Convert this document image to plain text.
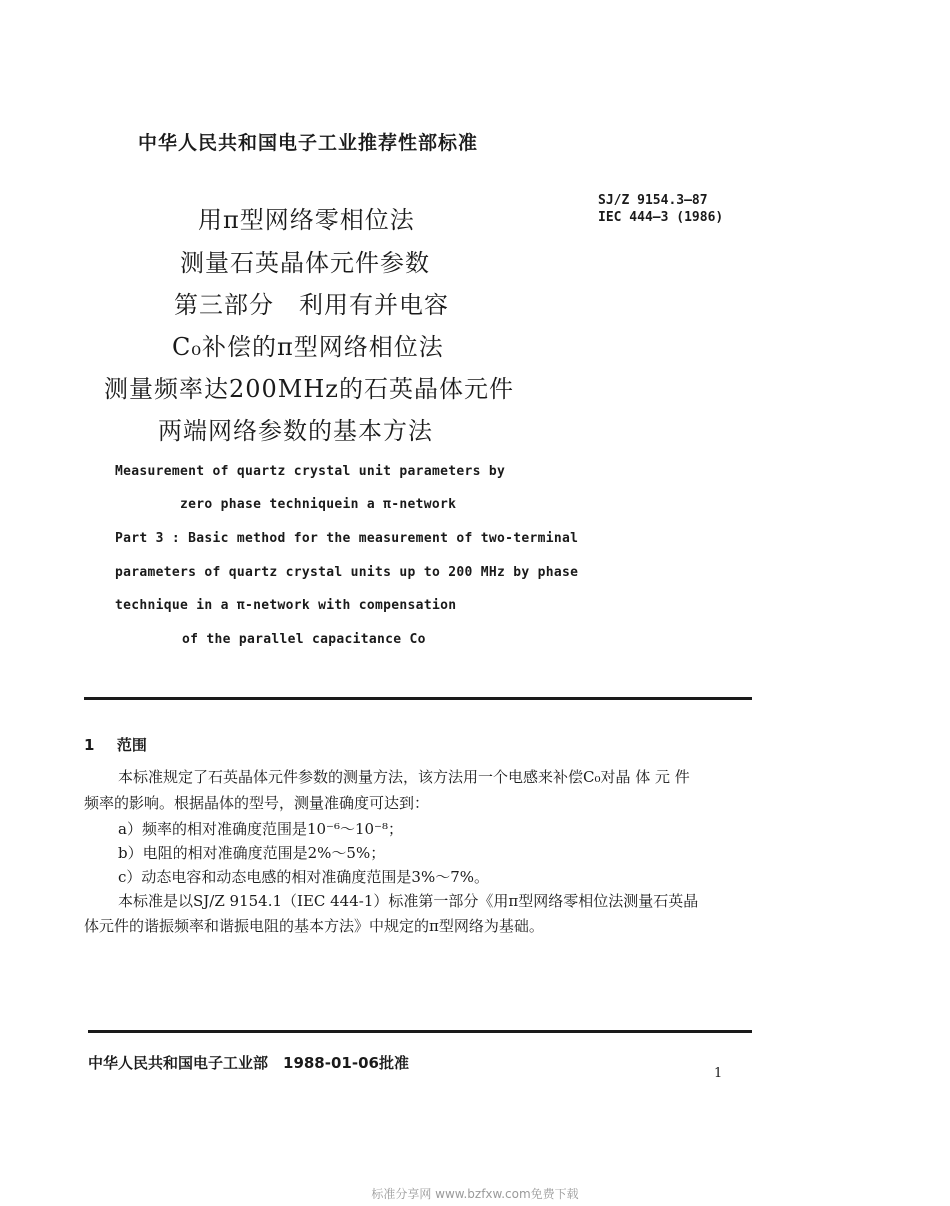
中华人民共和国电子工业推荐性部标准
SJ/Z 9154.3—87
IEC 444—3 (1986)
用π型网络零相位法
测量石英晶体元件参数
第三部分　利用有并电容
C₀补偿的π型网络相位法
测量频率达200MHz的石英晶体元件
两端网络参数的基本方法
Measurement of quartz crystal unit parameters by
zero phase techniquein a π-network
Part 3 : Basic method for the measurement of two-terminal
parameters of quartz crystal units up to 200 MHz by phase
technique in a π-network with compensation
of the parallel capacitance Co
1 范围
本标准规定了石英晶体元件参数的测量方法，该方法用一个电感来补偿C₀对晶 体 元 件
频率的影响。根据晶体的型号，测量准确度可达到：
a）频率的相对准确度范围是10⁻⁶～10⁻⁸；
b）电阻的相对准确度范围是2%～5%；
c）动态电容和动态电感的相对准确度范围是3%～7%。
本标准是以SJ/Z 9154.1（IEC 444-1）标准第一部分《用π型网络零相位法测量石英晶
体元件的谐振频率和谐振电阻的基本方法》中规定的π型网络为基础。
中华人民共和国电子工业部　1988-01-06批准
1
标准分享网 www.bzfxw.com免费下载
